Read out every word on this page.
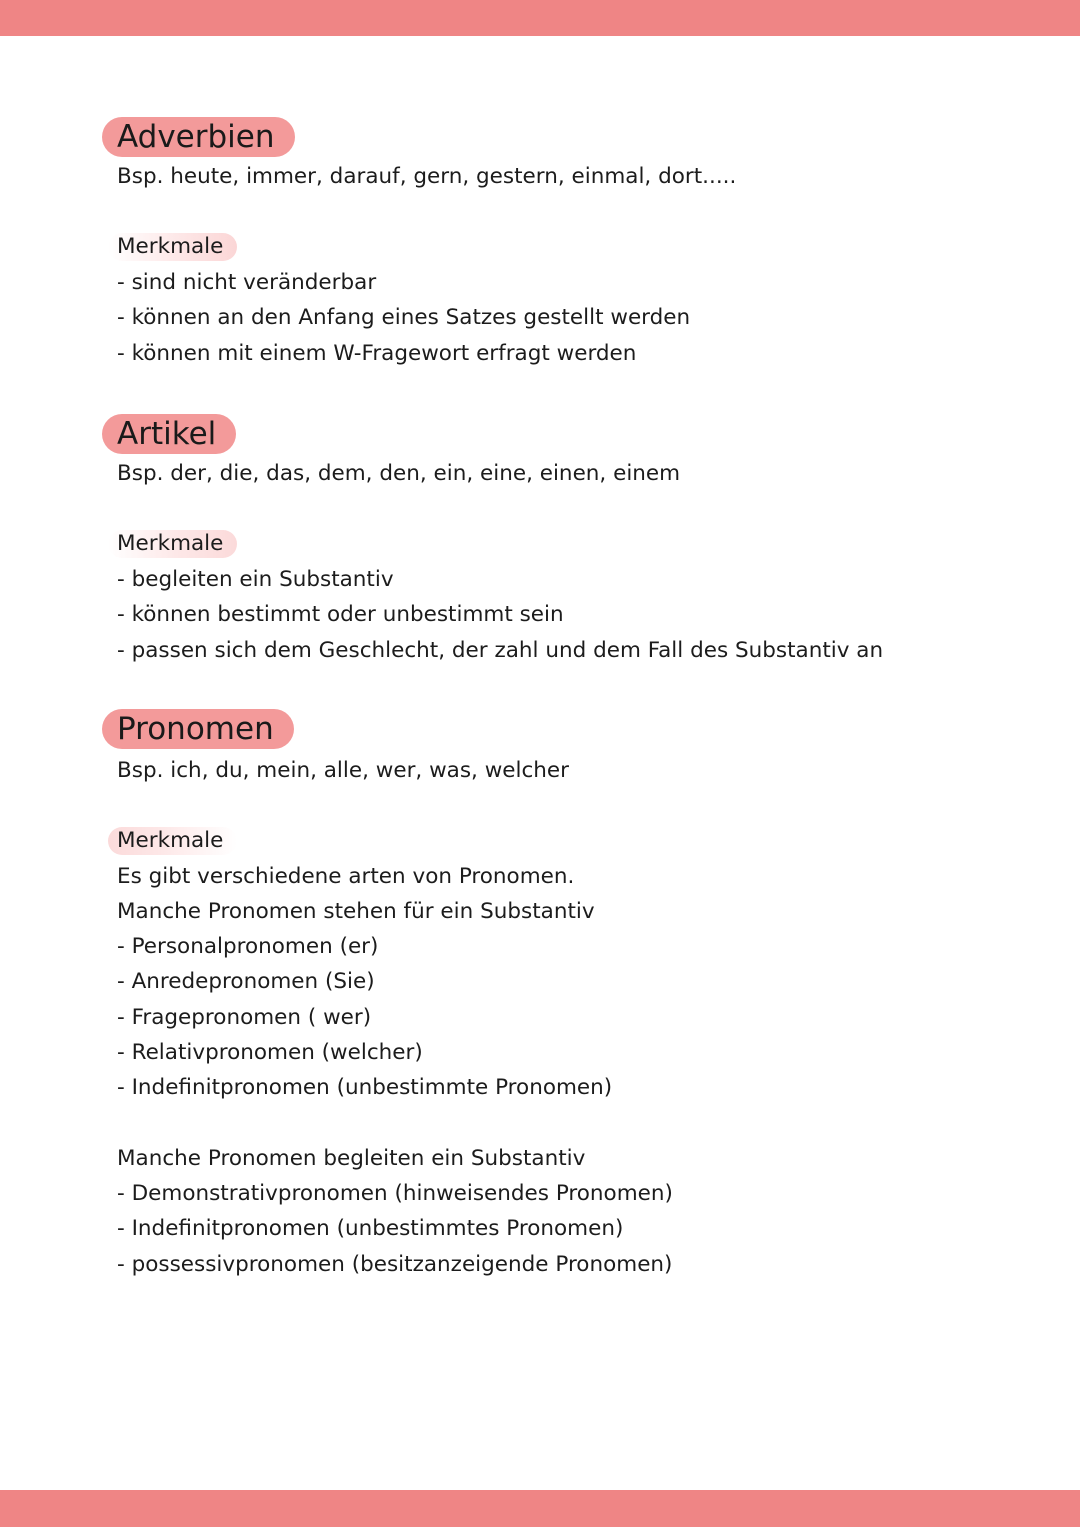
Adverbien
Bsp. heute, immer, darauf, gern, gestern, einmal, dort.....
Merkmale
- sind nicht veränderbar
- können an den Anfang eines Satzes gestellt werden
- können mit einem W-Fragewort erfragt werden
Artikel
Bsp. der, die, das, dem, den, ein, eine, einen, einem
Merkmale
- begleiten ein Substantiv
- können bestimmt oder unbestimmt sein
- passen sich dem Geschlecht, der zahl und dem Fall des Substantiv an
Pronomen
Bsp. ich, du, mein, alle, wer, was, welcher
Merkmale
Es gibt verschiedene arten von Pronomen.
Manche Pronomen stehen für ein Substantiv
- Personalpronomen (er)
- Anredepronomen (Sie)
- Fragepronomen ( wer)
- Relativpronomen (welcher)
- Indefinitpronomen (unbestimmte Pronomen)
Manche Pronomen begleiten ein Substantiv
- Demonstrativpronomen (hinweisendes Pronomen)
- Indefinitpronomen (unbestimmtes Pronomen)
- possessivpronomen (besitzanzeigende Pronomen)
